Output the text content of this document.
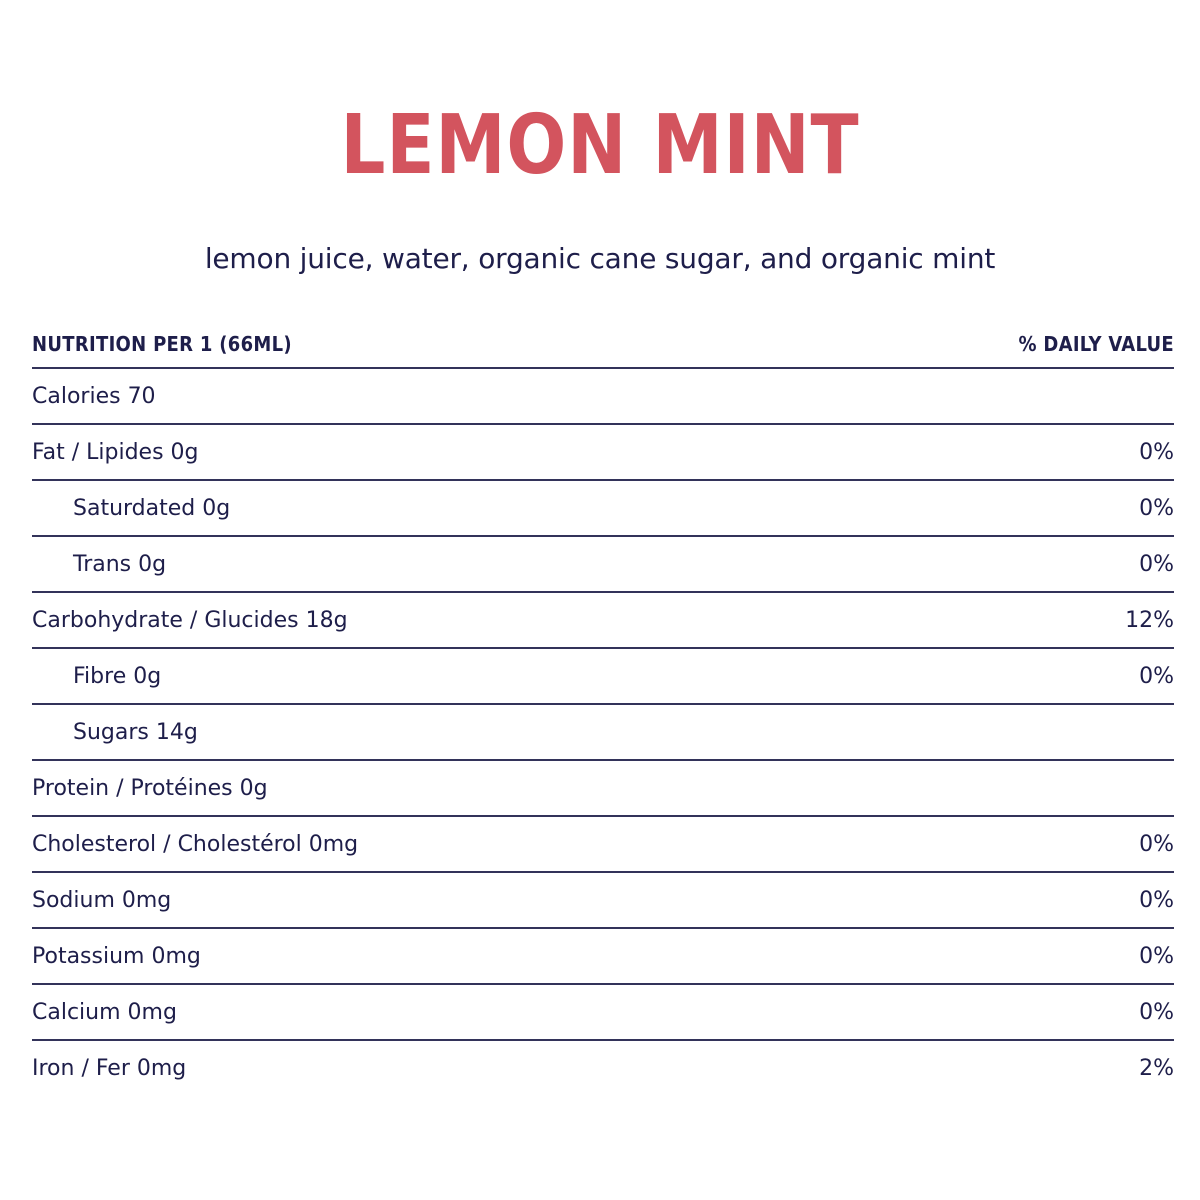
LEMON MINT
lemon juice, water, organic cane sugar, and organic mint
NUTRITION PER 1 (66ML)	% DAILY VALUE
Calories 70
Fat / Lipides 0g	0%
Saturdated 0g	0%
Trans 0g	0%
Carbohydrate / Glucides 18g	12%
Fibre 0g	0%
Sugars 14g
Protein / Protéines 0g
Cholesterol / Cholestérol 0mg	0%
Sodium 0mg	0%
Potassium 0mg	0%
Calcium 0mg	0%
Iron / Fer 0mg	2%
